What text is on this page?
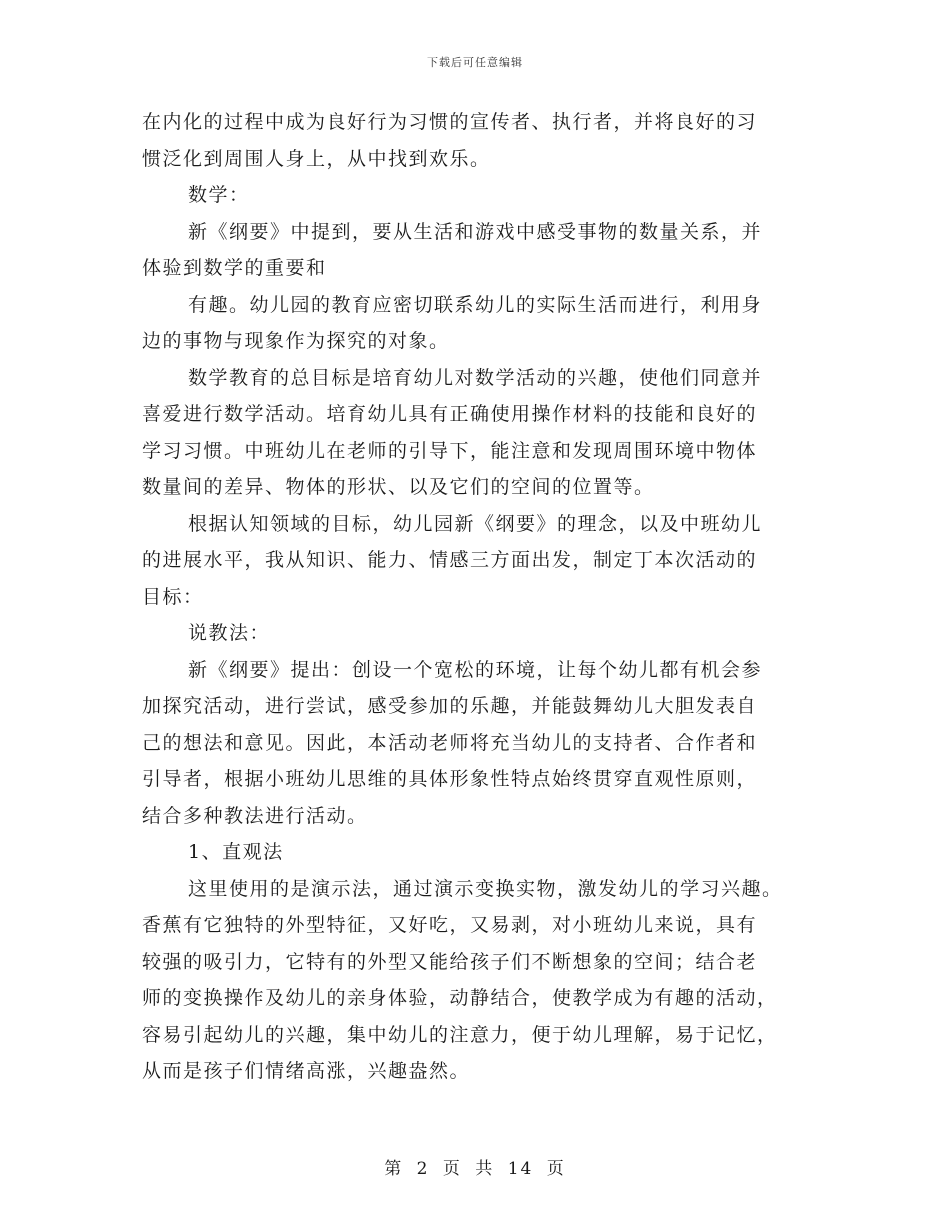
下载后可任意编辑
在内化的过程中成为良好行为习惯的宣传者、执行者，并将良好的习
惯泛化到周围人身上，从中找到欢乐。
数学：
新《纲要》中提到，要从生活和游戏中感受事物的数量关系，并
体验到数学的重要和
有趣。幼儿园的教育应密切联系幼儿的实际生活而进行，利用身
边的事物与现象作为探究的对象。
数学教育的总目标是培育幼儿对数学活动的兴趣，使他们同意并
喜爱进行数学活动。培育幼儿具有正确使用操作材料的技能和良好的
学习习惯。中班幼儿在老师的引导下，能注意和发现周围环境中物体
数量间的差异、物体的形状、以及它们的空间的位置等。
根据认知领域的目标，幼儿园新《纲要》的理念，以及中班幼儿
的进展水平，我从知识、能力、情感三方面出发，制定丁本次活动的
目标：
说教法：
新《纲要》提出：创设一个宽松的环境，让每个幼儿都有机会参
加探究活动，进行尝试，感受参加的乐趣，并能鼓舞幼儿大胆发表自
己的想法和意见。因此，本活动老师将充当幼儿的支持者、合作者和
引导者，根据小班幼儿思维的具体形象性特点始终贯穿直观性原则，
结合多种教法进行活动。
1、直观法
这里使用的是演示法，通过演示变换实物，激发幼儿的学习兴趣。
香蕉有它独特的外型特征，又好吃，又易剥，对小班幼儿来说，具有
较强的吸引力，它特有的外型又能给孩子们不断想象的空间；结合老
师的变换操作及幼儿的亲身体验，动静结合，使教学成为有趣的活动，
容易引起幼儿的兴趣，集中幼儿的注意力，便于幼儿理解，易于记忆，
从而是孩子们情绪高涨，兴趣盎然。
第 2 页 共 14 页
